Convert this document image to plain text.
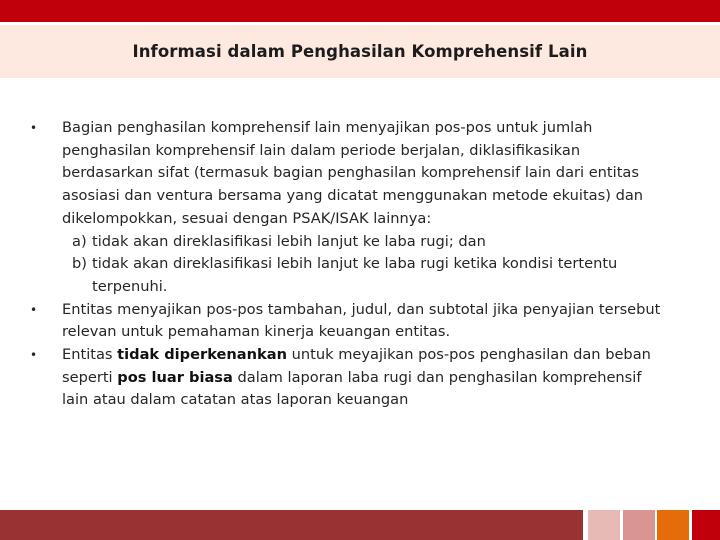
Informasi dalam Penghasilan Komprehensif Lain
•	Bagian penghasilan komprehensif lain menyajikan pos-pos untuk jumlah penghasilan komprehensif lain dalam periode berjalan, diklasifikasikan berdasarkan sifat (termasuk bagian penghasilan komprehensif lain dari entitas asosiasi dan ventura bersama yang dicatat menggunakan metode ekuitas) dan dikelompokkan, sesuai dengan PSAK/ISAK lainnya:
a) tidak akan direklasifikasi lebih lanjut ke laba rugi; dan
b) tidak akan direklasifikasi lebih lanjut ke laba rugi ketika kondisi tertentu terpenuhi.
•	Entitas menyajikan pos-pos tambahan, judul, dan subtotal jika penyajian tersebut relevan untuk pemahaman kinerja keuangan entitas.
•	Entitas tidak diperkenankan untuk meyajikan pos-pos penghasilan dan beban seperti pos luar biasa dalam laporan laba rugi dan penghasilan komprehensif lain atau dalam catatan atas laporan keuangan
